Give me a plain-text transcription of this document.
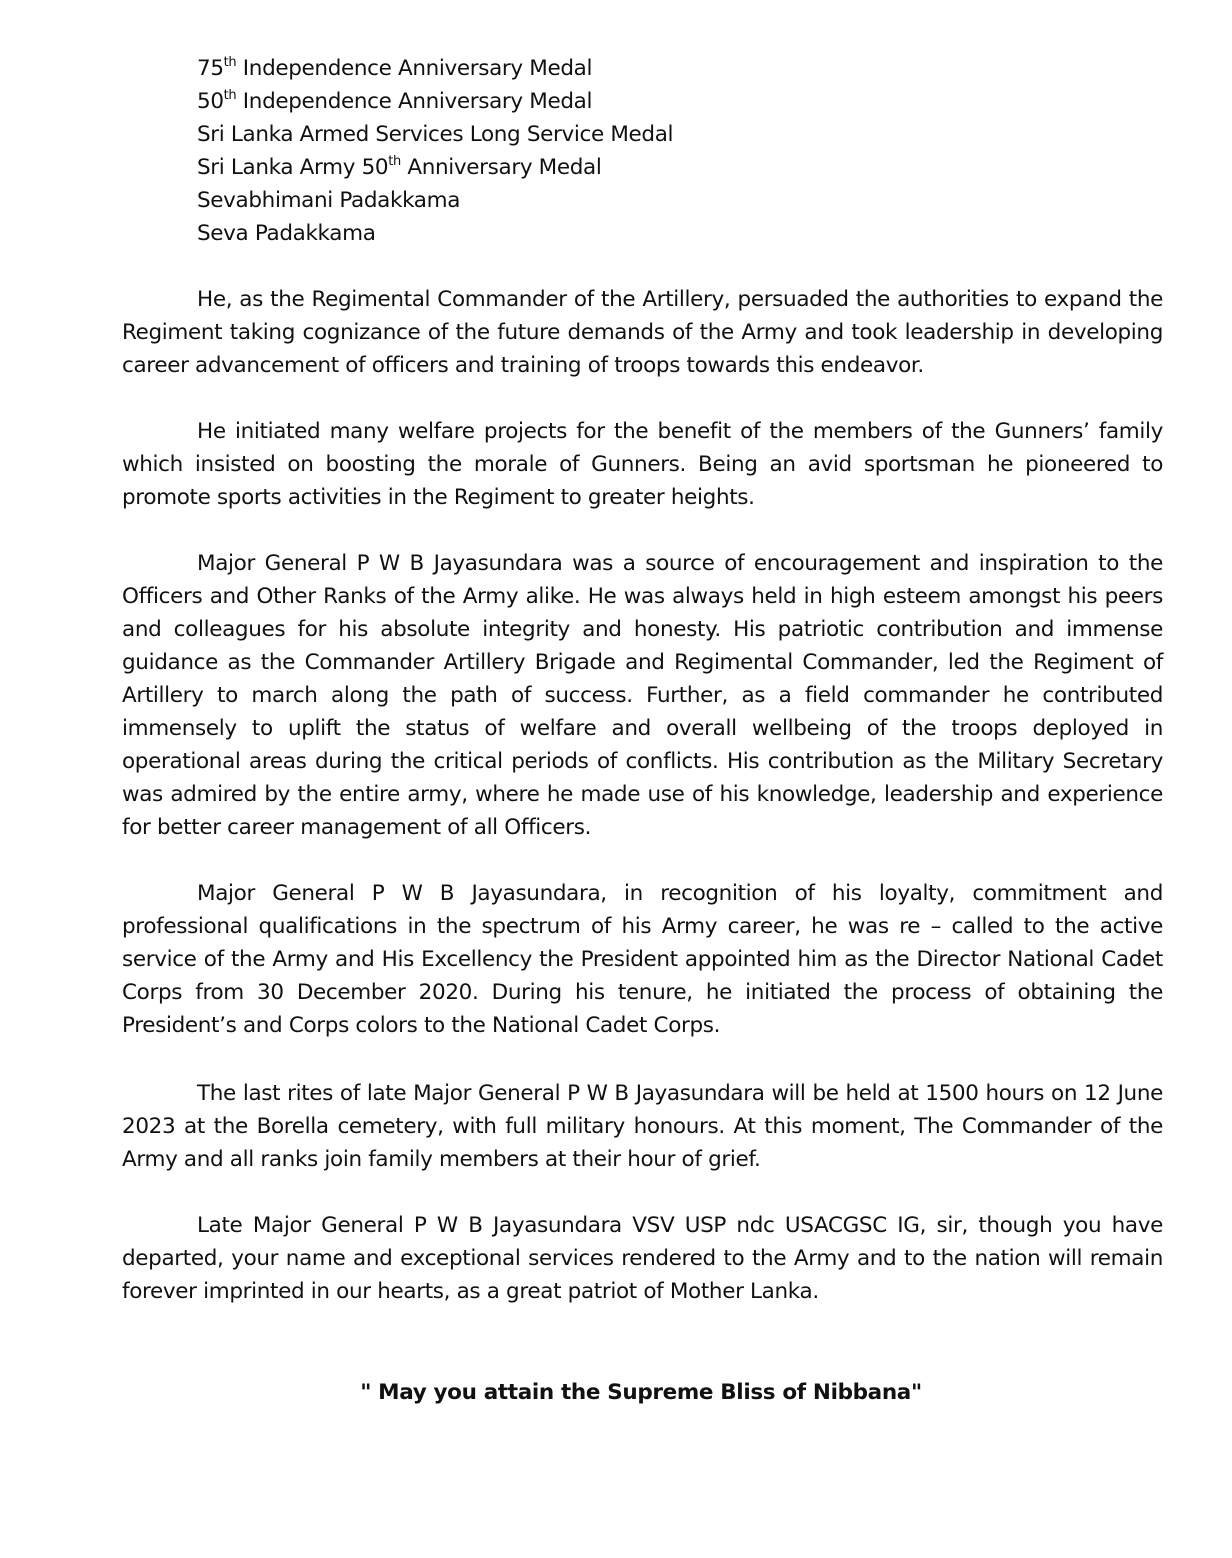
75th Independence Anniversary Medal
50th Independence Anniversary Medal
Sri Lanka Armed Services Long Service Medal
Sri Lanka Army 50th Anniversary Medal
Sevabhimani Padakkama
Seva Padakkama

He, as the Regimental Commander of the Artillery, persuaded the authorities to expand the Regiment taking cognizance of the future demands of the Army and took leadership in developing career advancement of officers and training of troops towards this endeavor.

He initiated many welfare projects for the benefit of the members of the Gunners’ family which insisted on boosting the morale of Gunners. Being an avid sportsman he pioneered to promote sports activities in the Regiment to greater heights.

Major General P W B Jayasundara was a source of encouragement and inspiration to the Officers and Other Ranks of the Army alike. He was always held in high esteem amongst his peers and colleagues for his absolute integrity and honesty. His patriotic contribution and immense guidance as the Commander Artillery Brigade and Regimental Commander, led the Regiment of Artillery to march along the path of success. Further, as a field commander he contributed immensely to uplift the status of welfare and overall wellbeing of the troops deployed in operational areas during the critical periods of conflicts. His contribution as the Military Secretary was admired by the entire army, where he made use of his knowledge, leadership and experience for better career management of all Officers.

Major General P W B Jayasundara, in recognition of his loyalty, commitment and professional qualifications in the spectrum of his Army career, he was re – called to the active service of the Army and His Excellency the President appointed him as the Director National Cadet Corps from 30 December 2020. During his tenure, he initiated the process of obtaining the President’s and Corps colors to the National Cadet Corps.

The last rites of late Major General P W B Jayasundara will be held at 1500 hours on 12 June 2023 at the Borella cemetery, with full military honours. At this moment, The Commander of the Army and all ranks join family members at their hour of grief.

Late Major General P W B Jayasundara VSV USP ndc USACGSC IG, sir, though you have departed, your name and exceptional services rendered to the Army and to the nation will remain forever imprinted in our hearts, as a great patriot of Mother Lanka.

" May you attain the Supreme Bliss of Nibbana"
